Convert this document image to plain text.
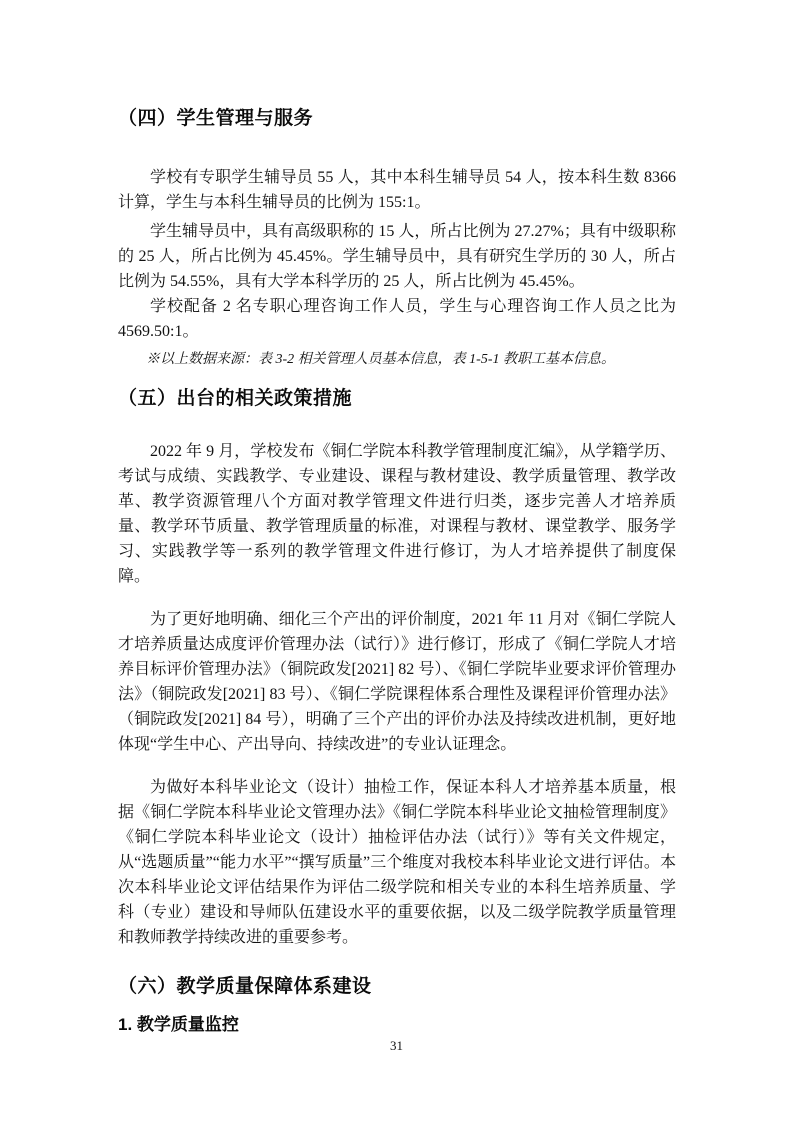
（四）学生管理与服务

学校有专职学生辅导员 55 人，其中本科生辅导员 54 人，按本科生数 8366 计算，学生与本科生辅导员的比例为 155:1。

学生辅导员中，具有高级职称的 15 人，所占比例为 27.27%；具有中级职称的 25 人，所占比例为 45.45%。学生辅导员中，具有研究生学历的 30 人，所占比例为 54.55%，具有大学本科学历的 25 人，所占比例为 45.45%。

学校配备 2 名专职心理咨询工作人员，学生与心理咨询工作人员之比为 4569.50:1。

※以上数据来源：表 3-2 相关管理人员基本信息，表 1-5-1 教职工基本信息。

（五）出台的相关政策措施

2022 年 9 月，学校发布《铜仁学院本科教学管理制度汇编》，从学籍学历、考试与成绩、实践教学、专业建设、课程与教材建设、教学质量管理、教学改革、教学资源管理八个方面对教学管理文件进行归类，逐步完善人才培养质量、教学环节质量、教学管理质量的标准，对课程与教材、课堂教学、服务学习、实践教学等一系列的教学管理文件进行修订，为人才培养提供了制度保障。

为了更好地明确、细化三个产出的评价制度，2021 年 11 月对《铜仁学院人才培养质量达成度评价管理办法（试行）》进行修订，形成了《铜仁学院人才培养目标评价管理办法》（铜院政发[2021] 82 号）、《铜仁学院毕业要求评价管理办法》（铜院政发[2021] 83 号）、《铜仁学院课程体系合理性及课程评价管理办法》（铜院政发[2021] 84 号），明确了三个产出的评价办法及持续改进机制，更好地体现“学生中心、产出导向、持续改进”的专业认证理念。

为做好本科毕业论文（设计）抽检工作，保证本科人才培养基本质量，根据《铜仁学院本科毕业论文管理办法》《铜仁学院本科毕业论文抽检管理制度》《铜仁学院本科毕业论文（设计）抽检评估办法（试行）》等有关文件规定，从“选题质量”“能力水平”“撰写质量”三个维度对我校本科毕业论文进行评估。本次本科毕业论文评估结果作为评估二级学院和相关专业的本科生培养质量、学科（专业）建设和导师队伍建设水平的重要依据，以及二级学院教学质量管理和教师教学持续改进的重要参考。

（六）教学质量保障体系建设
1. 教学质量监控
31
